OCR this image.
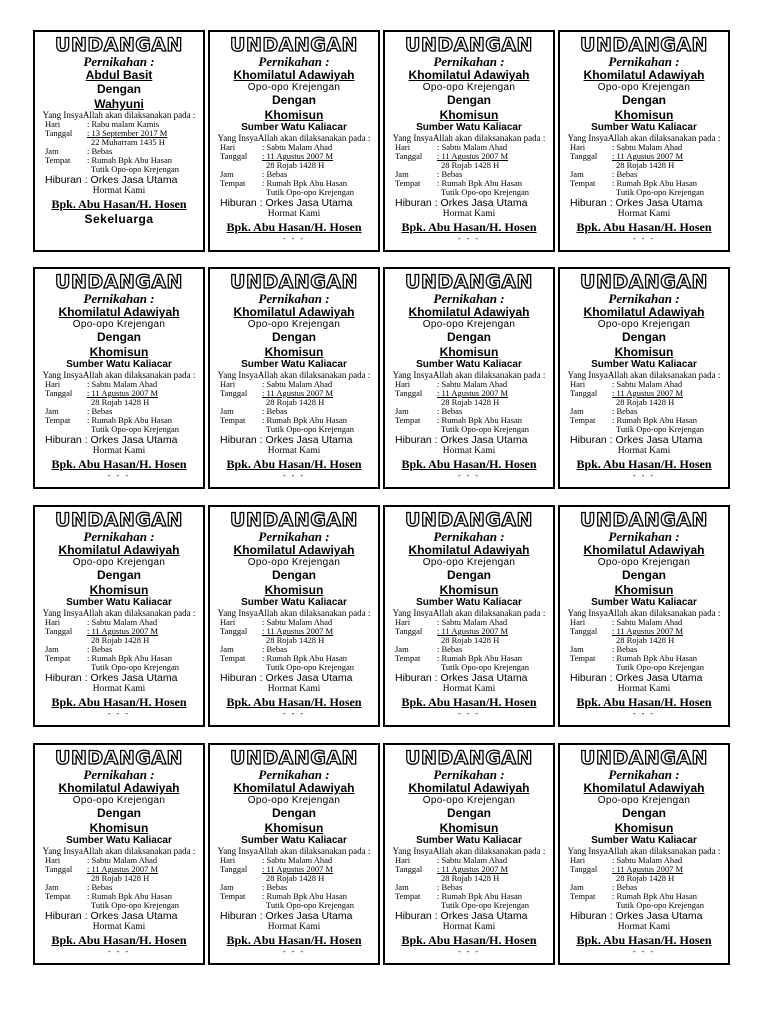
UNDANGAN
Pernikahan :
Abdul Basit
Dengan
Wahyuni
Yang InsyaAllah akan dilaksanakan pada :
Hari	: Rabu malam Kamis
Tanggal	: 13 September 2017 M
22 Muharram 1435 H
Jam	: Bebas
Tempat	: Rumah Bpk Abu Hasan
Tutik Opo-opo Krejengan
Hiburan : Orkes Jasa Utama
Hormat Kami
Bpk. Abu Hasan/H. Hosen
Sekeluarga
UNDANGAN
Pernikahan :
Khomilatul Adawiyah
Opo-opo Krejengan
Dengan
Khomisun
Sumber Watu Kaliacar
Yang InsyaAllah akan dilaksanakan pada :
Hari	: Sabtu Malam Ahad
Tanggal	: 11 Agustus 2007 M
28 Rojab 1428 H
Jam	: Bebas
Tempat	: Rumah Bpk Abu Hasan
Tutik Opo-opo Krejengan
Hiburan : Orkes Jasa Utama
Hormat Kami
Bpk. Abu Hasan/H. Hosen
- - -
UNDANGAN
Pernikahan :
Khomilatul Adawiyah
Opo-opo Krejengan
Dengan
Khomisun
Sumber Watu Kaliacar
Yang InsyaAllah akan dilaksanakan pada :
Hari	: Sabtu Malam Ahad
Tanggal	: 11 Agustus 2007 M
28 Rojab 1428 H
Jam	: Bebas
Tempat	: Rumah Bpk Abu Hasan
Tutik Opo-opo Krejengan
Hiburan : Orkes Jasa Utama
Hormat Kami
Bpk. Abu Hasan/H. Hosen
- - -
UNDANGAN
Pernikahan :
Khomilatul Adawiyah
Opo-opo Krejengan
Dengan
Khomisun
Sumber Watu Kaliacar
Yang InsyaAllah akan dilaksanakan pada :
Hari	: Sabtu Malam Ahad
Tanggal	: 11 Agustus 2007 M
28 Rojab 1428 H
Jam	: Bebas
Tempat	: Rumah Bpk Abu Hasan
Tutik Opo-opo Krejengan
Hiburan : Orkes Jasa Utama
Hormat Kami
Bpk. Abu Hasan/H. Hosen
- - -
UNDANGAN
Pernikahan :
Khomilatul Adawiyah
Opo-opo Krejengan
Dengan
Khomisun
Sumber Watu Kaliacar
Yang InsyaAllah akan dilaksanakan pada :
Hari	: Sabtu Malam Ahad
Tanggal	: 11 Agustus 2007 M
28 Rojab 1428 H
Jam	: Bebas
Tempat	: Rumah Bpk Abu Hasan
Tutik Opo-opo Krejengan
Hiburan : Orkes Jasa Utama
Hormat Kami
Bpk. Abu Hasan/H. Hosen
- - -
UNDANGAN
Pernikahan :
Khomilatul Adawiyah
Opo-opo Krejengan
Dengan
Khomisun
Sumber Watu Kaliacar
Yang InsyaAllah akan dilaksanakan pada :
Hari	: Sabtu Malam Ahad
Tanggal	: 11 Agustus 2007 M
28 Rojab 1428 H
Jam	: Bebas
Tempat	: Rumah Bpk Abu Hasan
Tutik Opo-opo Krejengan
Hiburan : Orkes Jasa Utama
Hormat Kami
Bpk. Abu Hasan/H. Hosen
- - -
UNDANGAN
Pernikahan :
Khomilatul Adawiyah
Opo-opo Krejengan
Dengan
Khomisun
Sumber Watu Kaliacar
Yang InsyaAllah akan dilaksanakan pada :
Hari	: Sabtu Malam Ahad
Tanggal	: 11 Agustus 2007 M
28 Rojab 1428 H
Jam	: Bebas
Tempat	: Rumah Bpk Abu Hasan
Tutik Opo-opo Krejengan
Hiburan : Orkes Jasa Utama
Hormat Kami
Bpk. Abu Hasan/H. Hosen
- - -
UNDANGAN
Pernikahan :
Khomilatul Adawiyah
Opo-opo Krejengan
Dengan
Khomisun
Sumber Watu Kaliacar
Yang InsyaAllah akan dilaksanakan pada :
Hari	: Sabtu Malam Ahad
Tanggal	: 11 Agustus 2007 M
28 Rojab 1428 H
Jam	: Bebas
Tempat	: Rumah Bpk Abu Hasan
Tutik Opo-opo Krejengan
Hiburan : Orkes Jasa Utama
Hormat Kami
Bpk. Abu Hasan/H. Hosen
- - -
UNDANGAN
Pernikahan :
Khomilatul Adawiyah
Opo-opo Krejengan
Dengan
Khomisun
Sumber Watu Kaliacar
Yang InsyaAllah akan dilaksanakan pada :
Hari	: Sabtu Malam Ahad
Tanggal	: 11 Agustus 2007 M
28 Rojab 1428 H
Jam	: Bebas
Tempat	: Rumah Bpk Abu Hasan
Tutik Opo-opo Krejengan
Hiburan : Orkes Jasa Utama
Hormat Kami
Bpk. Abu Hasan/H. Hosen
- - -
UNDANGAN
Pernikahan :
Khomilatul Adawiyah
Opo-opo Krejengan
Dengan
Khomisun
Sumber Watu Kaliacar
Yang InsyaAllah akan dilaksanakan pada :
Hari	: Sabtu Malam Ahad
Tanggal	: 11 Agustus 2007 M
28 Rojab 1428 H
Jam	: Bebas
Tempat	: Rumah Bpk Abu Hasan
Tutik Opo-opo Krejengan
Hiburan : Orkes Jasa Utama
Hormat Kami
Bpk. Abu Hasan/H. Hosen
- - -
UNDANGAN
Pernikahan :
Khomilatul Adawiyah
Opo-opo Krejengan
Dengan
Khomisun
Sumber Watu Kaliacar
Yang InsyaAllah akan dilaksanakan pada :
Hari	: Sabtu Malam Ahad
Tanggal	: 11 Agustus 2007 M
28 Rojab 1428 H
Jam	: Bebas
Tempat	: Rumah Bpk Abu Hasan
Tutik Opo-opo Krejengan
Hiburan : Orkes Jasa Utama
Hormat Kami
Bpk. Abu Hasan/H. Hosen
- - -
UNDANGAN
Pernikahan :
Khomilatul Adawiyah
Opo-opo Krejengan
Dengan
Khomisun
Sumber Watu Kaliacar
Yang InsyaAllah akan dilaksanakan pada :
Hari	: Sabtu Malam Ahad
Tanggal	: 11 Agustus 2007 M
28 Rojab 1428 H
Jam	: Bebas
Tempat	: Rumah Bpk Abu Hasan
Tutik Opo-opo Krejengan
Hiburan : Orkes Jasa Utama
Hormat Kami
Bpk. Abu Hasan/H. Hosen
- - -
UNDANGAN
Pernikahan :
Khomilatul Adawiyah
Opo-opo Krejengan
Dengan
Khomisun
Sumber Watu Kaliacar
Yang InsyaAllah akan dilaksanakan pada :
Hari	: Sabtu Malam Ahad
Tanggal	: 11 Agustus 2007 M
28 Rojab 1428 H
Jam	: Bebas
Tempat	: Rumah Bpk Abu Hasan
Tutik Opo-opo Krejengan
Hiburan : Orkes Jasa Utama
Hormat Kami
Bpk. Abu Hasan/H. Hosen
- - -
UNDANGAN
Pernikahan :
Khomilatul Adawiyah
Opo-opo Krejengan
Dengan
Khomisun
Sumber Watu Kaliacar
Yang InsyaAllah akan dilaksanakan pada :
Hari	: Sabtu Malam Ahad
Tanggal	: 11 Agustus 2007 M
28 Rojab 1428 H
Jam	: Bebas
Tempat	: Rumah Bpk Abu Hasan
Tutik Opo-opo Krejengan
Hiburan : Orkes Jasa Utama
Hormat Kami
Bpk. Abu Hasan/H. Hosen
- - -
UNDANGAN
Pernikahan :
Khomilatul Adawiyah
Opo-opo Krejengan
Dengan
Khomisun
Sumber Watu Kaliacar
Yang InsyaAllah akan dilaksanakan pada :
Hari	: Sabtu Malam Ahad
Tanggal	: 11 Agustus 2007 M
28 Rojab 1428 H
Jam	: Bebas
Tempat	: Rumah Bpk Abu Hasan
Tutik Opo-opo Krejengan
Hiburan : Orkes Jasa Utama
Hormat Kami
Bpk. Abu Hasan/H. Hosen
- - -
UNDANGAN
Pernikahan :
Khomilatul Adawiyah
Opo-opo Krejengan
Dengan
Khomisun
Sumber Watu Kaliacar
Yang InsyaAllah akan dilaksanakan pada :
Hari	: Sabtu Malam Ahad
Tanggal	: 11 Agustus 2007 M
28 Rojab 1428 H
Jam	: Bebas
Tempat	: Rumah Bpk Abu Hasan
Tutik Opo-opo Krejengan
Hiburan : Orkes Jasa Utama
Hormat Kami
Bpk. Abu Hasan/H. Hosen
- - -
